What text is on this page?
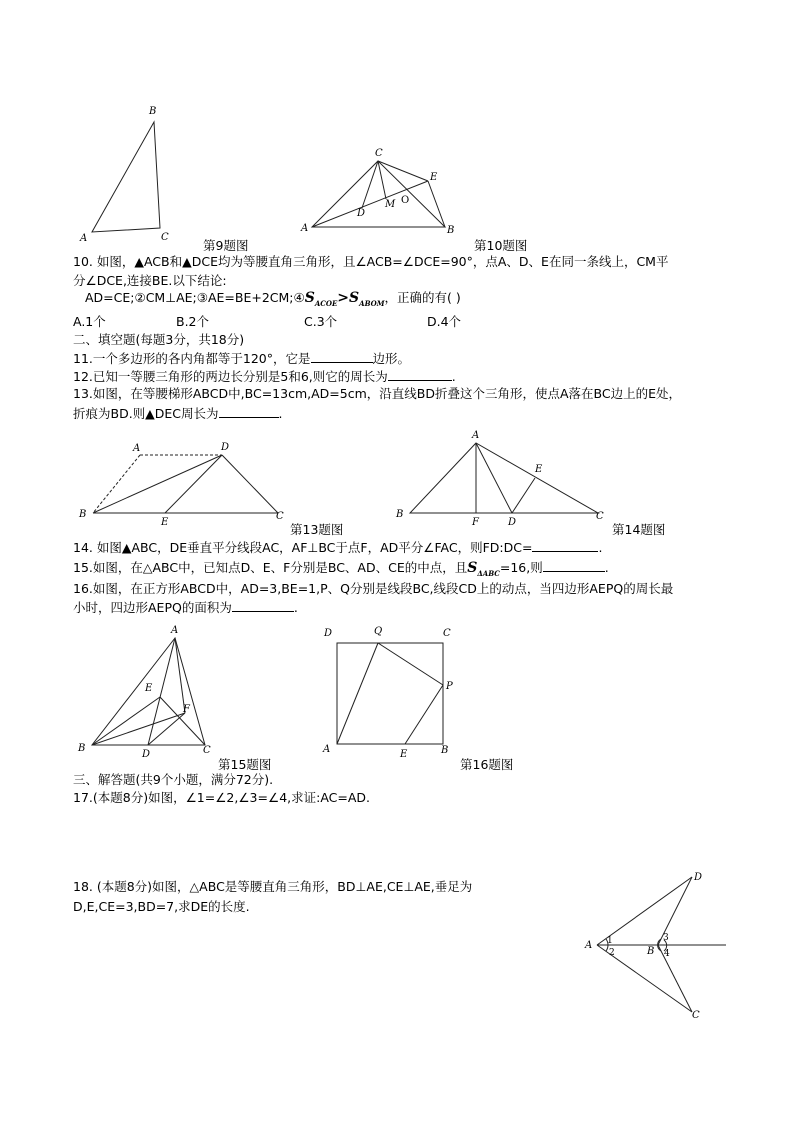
B
A	C
C
E
D
M O
A	B
A	D
B
E
C
A
B
F	D
C
E
A
E
F
B
D	C
D	Q	C
P
A	E	B
A
D
C
B
1
2
3
4
第9题图	第10题图
10. 如图，▲ACB和▲DCE均为等腰直角三角形，且∠ACB=∠DCE=90°，点A、D、E在同一条线上，CM平
分∠DCE,连接BE.以下结论:
$AD=CE;②CM\perp AE;③AE=BE+2CM;④S_{ACOE}>S_{ABOM}$，正确的有( )
A.1个	B.2个	C.3个	D.4个
二、填空题(每题3分，共18分)
11.一个多边形的各内角都等于120°，它是	边形。
12.已知一等腰三角形的两边长分别是5和6,则它的周长为	.
13.如图，在等腰梯形ABCD中,BC=13cm,AD=5cm，沿直线BD折叠这个三角形，使点A落在BC边上的E处，
折痕为BD.则▲DEC周长为	.
第13题图	第14题图
14. 如图▲ABC，DE垂直平分线段AC，AF⊥BC于点F，AD平分∠FAC，则FD:DC=	.
15.如图，在△ABC中，已知点D、E、F分别是BC、AD、CE的中点，且$S_{\Delta ABC}=16$,则	.
16.如图，在正方形ABCD中，AD=3,BE=1,P、Q分别是线段BC,线段CD上的动点，当四边形AEPQ的周长最
小时，四边形AEPQ的面积为	.
第15题图	第16题图
三、解答题(共9个小题，满分72分).
17.(本题8分)如图，∠1=∠2,∠3=∠4,求证:AC=AD.
18. (本题8分)如图，△ABC是等腰直角三角形，BD⊥AE,CE⊥AE,垂足为
D,E,CE=3,BD=7,求DE的长度.
